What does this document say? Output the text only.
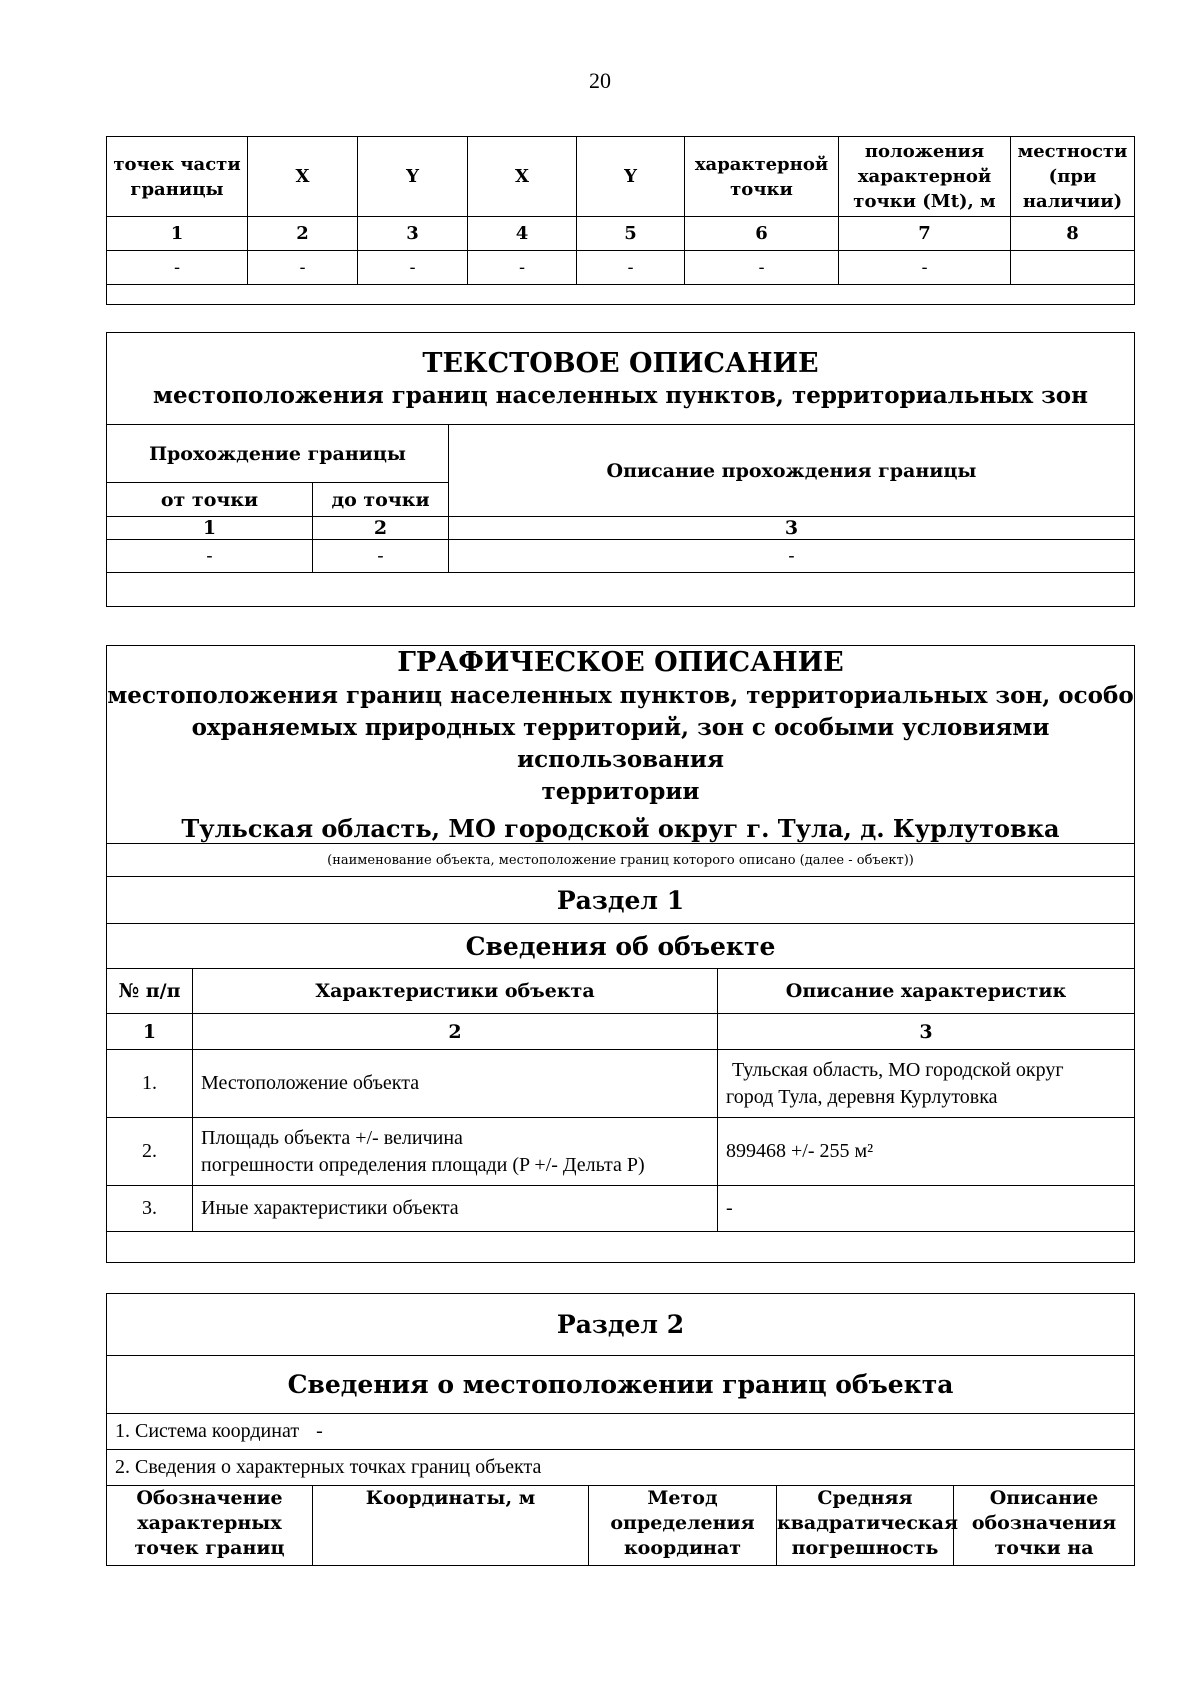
20
точек части границы	X	Y	X	Y	характерной точки	положения характерной точки (Mt), м	местности (при наличии)
1	2	3	4	5	6	7	8
-	-	-	-	-	-	-	

ТЕКСТОВОЕ ОПИСАНИЕ
местоположения границ населенных пунктов, территориальных зон		

Прохождение границы		Описание прохождения границы
от точки	до точки	
1	2	3
-	-	-

ГРАФИЧЕСКОЕ ОПИСАНИЕ
местоположения границ населенных пунктов, территориальных зон, особо
охраняемых природных территорий, зон с особыми условиями использования
территории
Тульская область, МО городской округ г. Тула, д. Курлутовка		

(наименование объекта, местоположение границ которого описано (далее - объект))		
Раздел 1		
Сведения об объекте		
№ п/п	Характеристики объекта	Описание характеристик
1	2	3
1.	Местоположение объекта	Тульская область, МО городской округ
город Тула, деревня Курлутовка

2.	Площадь объекта +/- величина
погрешности определения площади (P +/- Дельта P)	899468 +/- 255 м²
3.	Иные характеристики объекта	-

Раздел 2
Сведения о местоположении границ объекта
1. Система координат -
2. Сведения о характерных точках границ объекта
Обозначение характерных точек границ	Координаты, м	Метод определения координат	Средняя квадратическая погрешность	Описание обозначения точки на
